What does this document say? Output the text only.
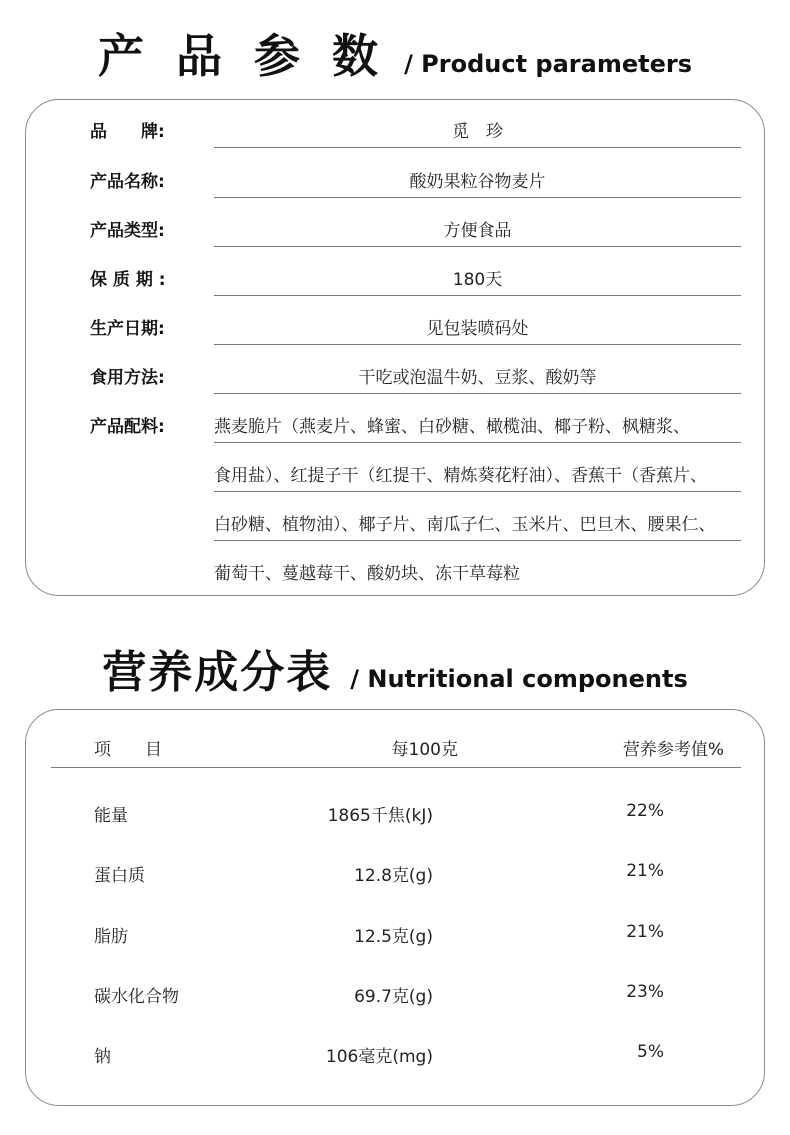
产 品 参 数 / Product parameters
品　　牌:	觅　珍
产品名称:	酸奶果粒谷物麦片
产品类型:	方便食品
保 质 期 :	180天
生产日期:	见包装喷码处
食用方法:	干吃或泡温牛奶、豆浆、酸奶等
产品配料:	燕麦脆片（燕麦片、蜂蜜、白砂糖、橄榄油、椰子粉、枫糖浆、
食用盐）、红提子干（红提干、精炼葵花籽油）、香蕉干（香蕉片、
白砂糖、植物油）、椰子片、南瓜子仁、玉米片、巴旦木、腰果仁、
葡萄干、蔓越莓干、酸奶块、冻干草莓粒
营养成分表 / Nutritional components
项　　目	每100克	营养参考值%
能量	1865千焦(kJ)	22%
蛋白质	12.8克(g)	21%
脂肪	12.5克(g)	21%
碳水化合物	69.7克(g)	23%
钠	106毫克(mg)	5%
